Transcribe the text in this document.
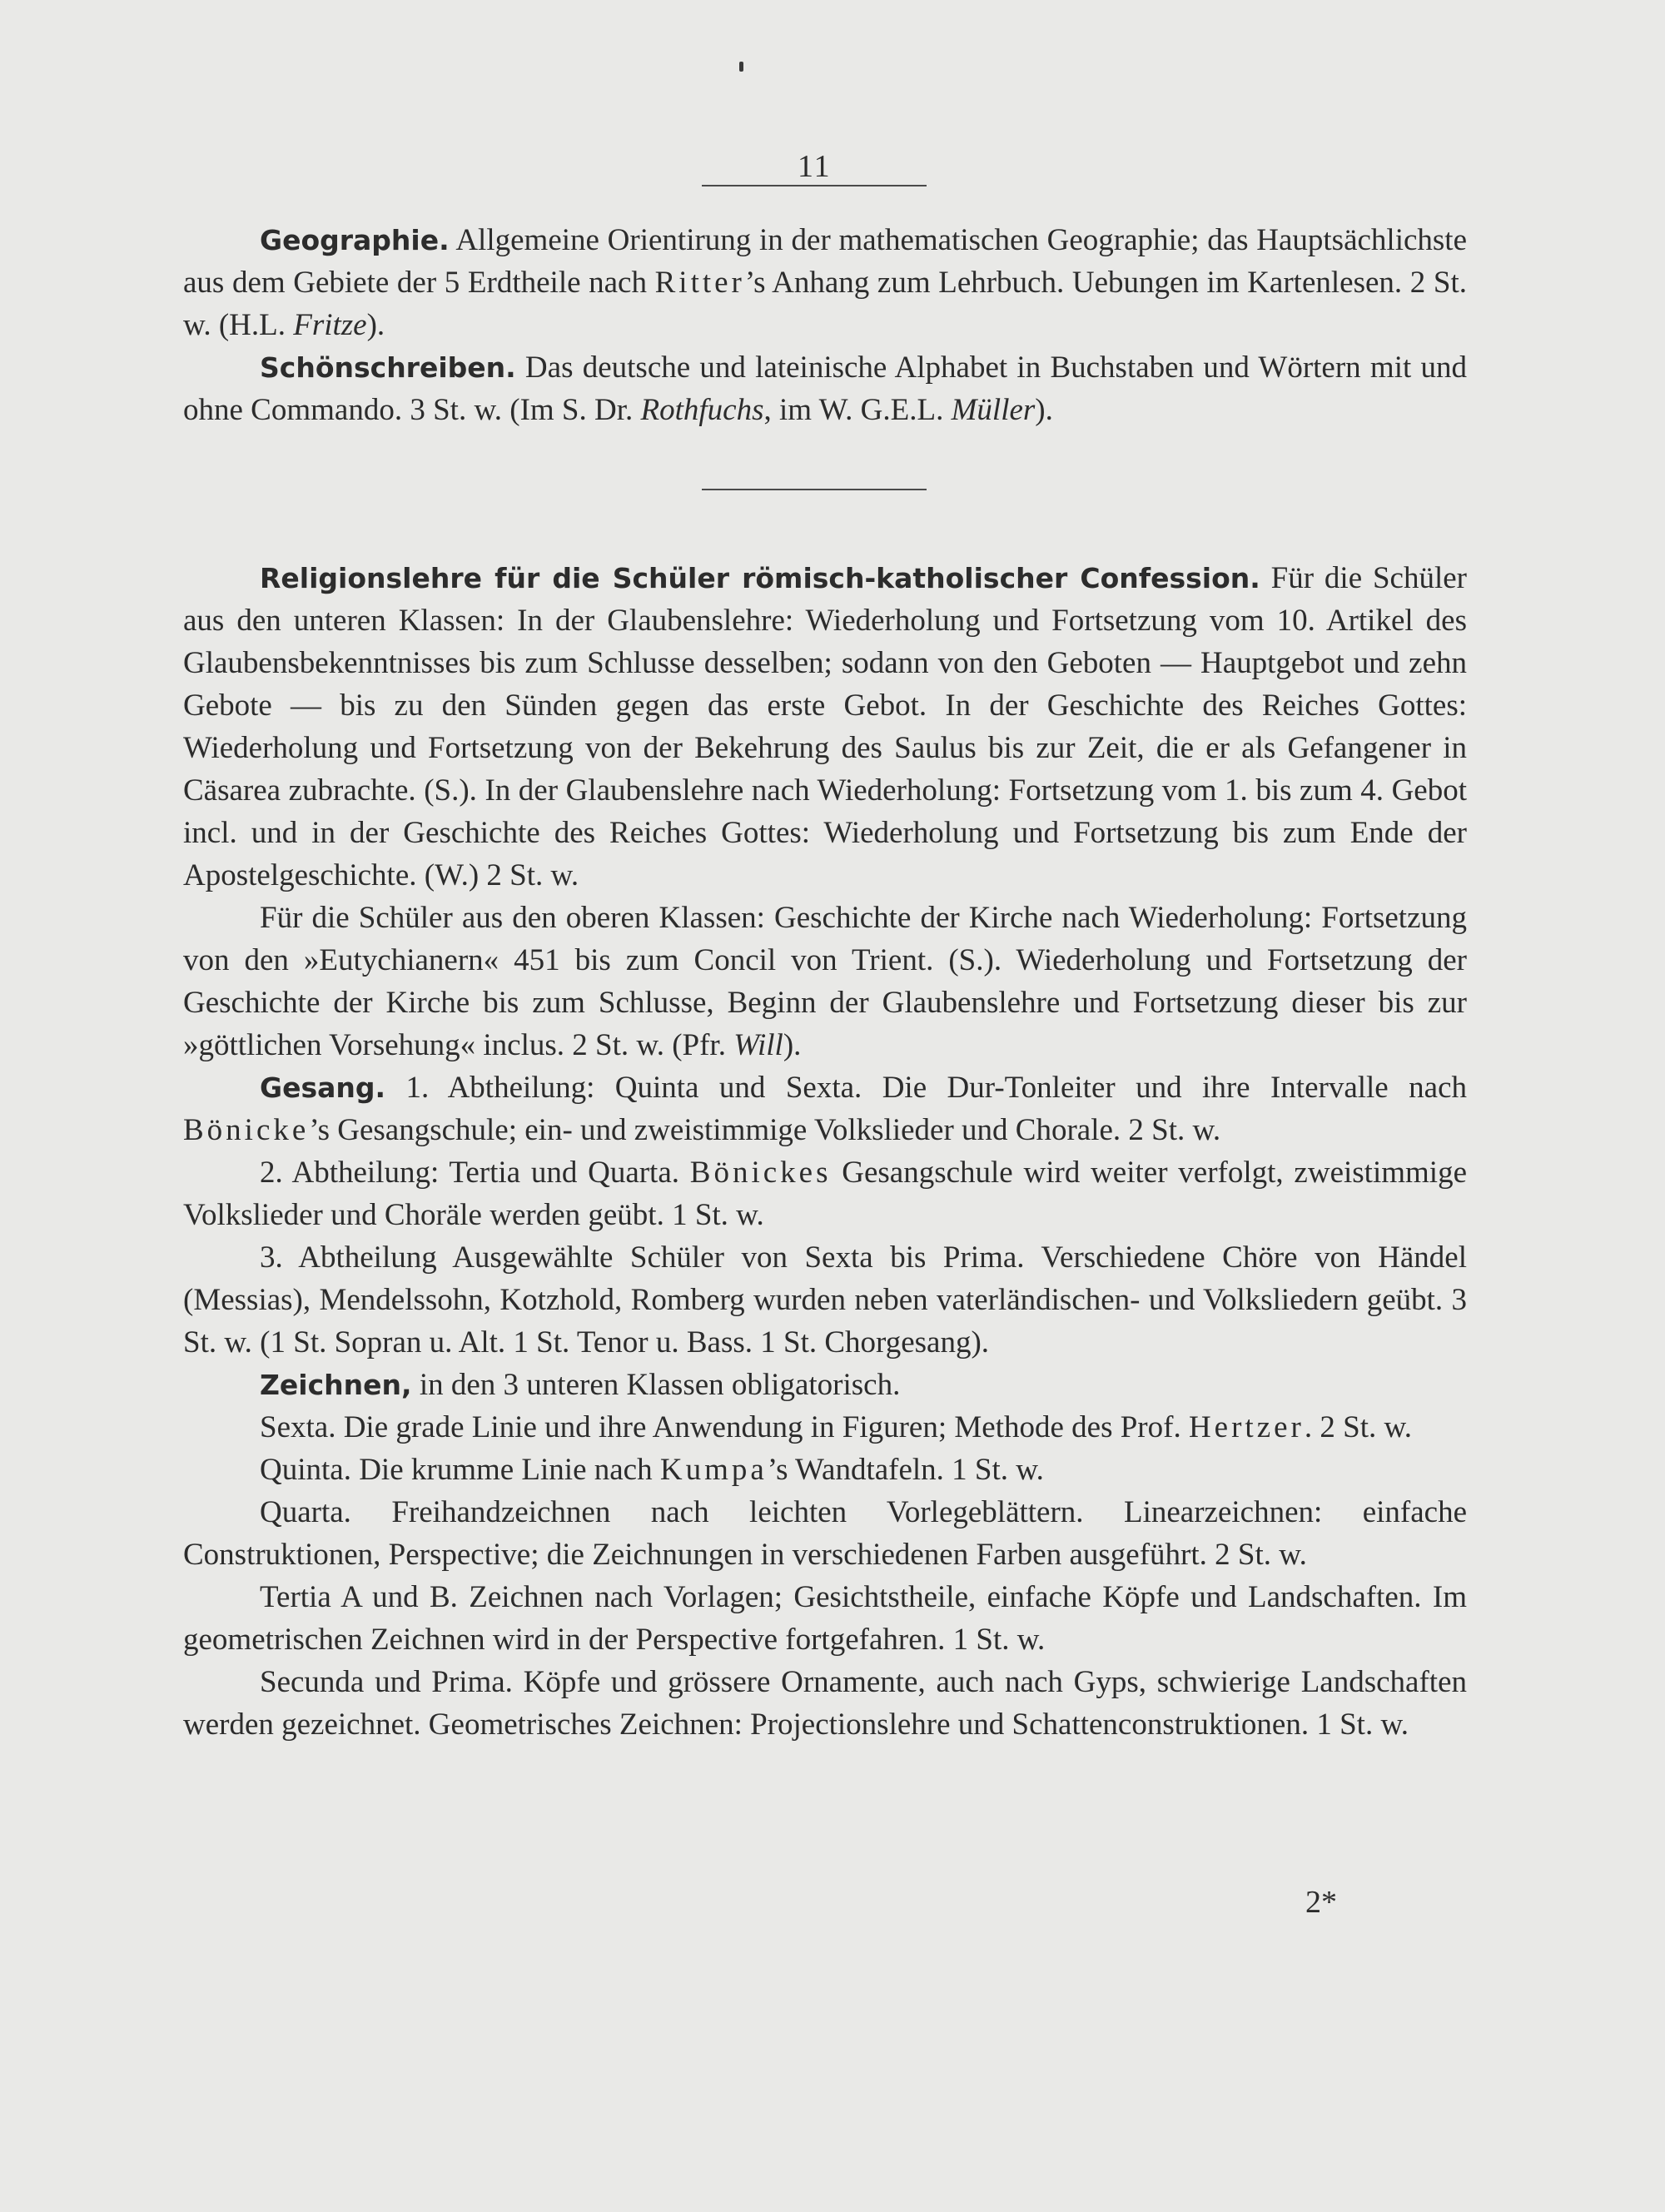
11

Geographie. Allgemeine Orientirung in der mathematischen Geographie; das Hauptsächlichste aus dem Gebiete der 5 Erdtheile nach Ritter’s Anhang zum Lehrbuch. Uebungen im Kartenlesen. 2 St. w. (H.L. Fritze).

Schönschreiben. Das deutsche und lateinische Alphabet in Buchstaben und Wörtern mit und ohne Commando. 3 St. w. (Im S. Dr. Rothfuchs, im W. G.E.L. Müller).

Religionslehre für die Schüler römisch-katholischer Confession. Für die Schüler aus den unteren Klassen: In der Glaubenslehre: Wiederholung und Fortsetzung vom 10. Artikel des Glaubensbekenntnisses bis zum Schlusse desselben; sodann von den Geboten — Hauptgebot und zehn Gebote — bis zu den Sünden gegen das erste Gebot. In der Geschichte des Reiches Gottes: Wiederholung und Fortsetzung von der Bekehrung des Saulus bis zur Zeit, die er als Gefangener in Cäsarea zubrachte. (S.). In der Glaubenslehre nach Wiederholung: Fortsetzung vom 1. bis zum 4. Gebot incl. und in der Geschichte des Reiches Gottes: Wiederholung und Fortsetzung bis zum Ende der Apostelgeschichte. (W.) 2 St. w.

Für die Schüler aus den oberen Klassen: Geschichte der Kirche nach Wiederholung: Fortsetzung von den »Eutychianern« 451 bis zum Concil von Trient. (S.). Wiederholung und Fortsetzung der Geschichte der Kirche bis zum Schlusse, Beginn der Glaubenslehre und Fortsetzung dieser bis zur »göttlichen Vorsehung« inclus. 2 St. w. (Pfr. Will).

Gesang. 1. Abtheilung: Quinta und Sexta. Die Dur-Tonleiter und ihre Intervalle nach Bönicke’s Gesangschule; ein- und zweistimmige Volkslieder und Chorale. 2 St. w.

2. Abtheilung: Tertia und Quarta. Bönickes Gesangschule wird weiter verfolgt, zweistimmige Volkslieder und Choräle werden geübt. 1 St. w.

3. Abtheilung Ausgewählte Schüler von Sexta bis Prima. Verschiedene Chöre von Händel (Messias), Mendelssohn, Kotzhold, Romberg wurden neben vaterländischen- und Volksliedern geübt. 3 St. w. (1 St. Sopran u. Alt. 1 St. Tenor u. Bass. 1 St. Chorgesang).

Zeichnen, in den 3 unteren Klassen obligatorisch.

Sexta. Die grade Linie und ihre Anwendung in Figuren; Methode des Prof. Hertzer. 2 St. w.

Quinta. Die krumme Linie nach Kumpa’s Wandtafeln. 1 St. w.

Quarta. Freihandzeichnen nach leichten Vorlegeblättern. Linearzeichnen: einfache Construktionen, Perspective; die Zeichnungen in verschiedenen Farben ausgeführt. 2 St. w.

Tertia A und B. Zeichnen nach Vorlagen; Gesichtstheile, einfache Köpfe und Landschaften. Im geometrischen Zeichnen wird in der Perspective fortgefahren. 1 St. w.

Secunda und Prima. Köpfe und grössere Ornamente, auch nach Gyps, schwierige Landschaften werden gezeichnet. Geometrisches Zeichnen: Projectionslehre und Schattenconstruktionen. 1 St. w.

2*
